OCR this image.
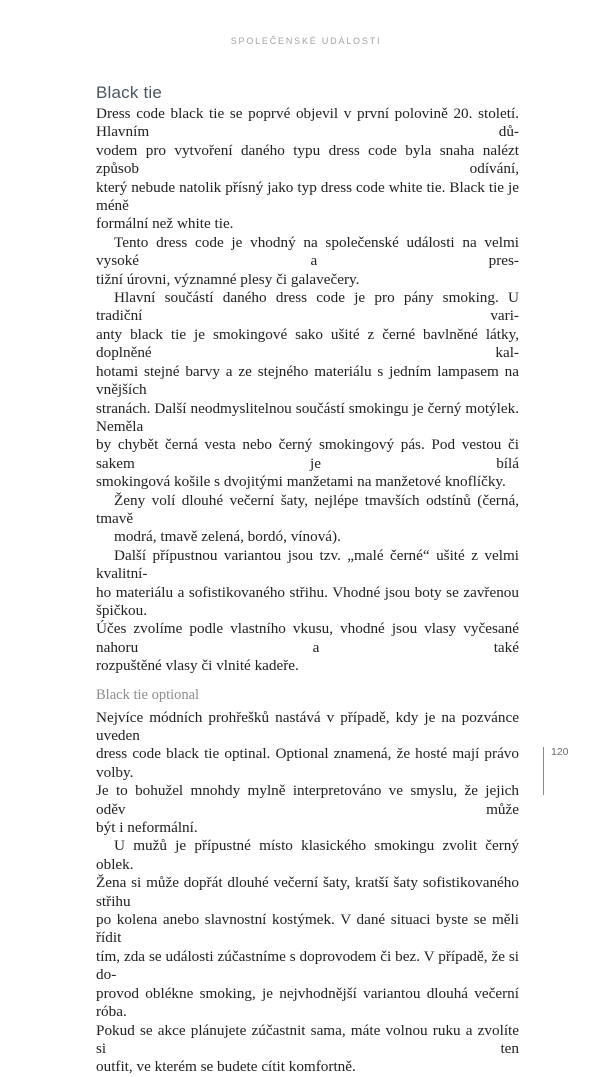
SPOLEČENSKÉ UDÁLOSTI
Black tie
Dress code black tie se poprvé objevil v první polovině 20. století. Hlavním dů-
vodem pro vytvoření daného typu dress code byla snaha nalézt způsob odívání,
který nebude natolik přísný jako typ dress code white tie. Black tie je méně
formální než white tie.
Tento dress code je vhodný na společenské události na velmi vysoké a pres-
tižní úrovni, významné plesy či galavečery.
Hlavní součástí daného dress code je pro pány smoking. U tradiční vari-
anty black tie je smokingové sako ušité z černé bavlněné látky, doplněné kal-
hotami stejné barvy a ze stejného materiálu s jedním lampasem na vnějších
stranách. Další neodmyslitelnou součástí smokingu je černý motýlek. Neměla
by chybět černá vesta nebo černý smokingový pás. Pod vestou či sakem je bílá
smokingová košile s dvojitými manžetami na manžetové knoflíčky.
Ženy volí dlouhé večerní šaty, nejlépe tmavších odstínů (černá, tmavě
modrá, tmavě zelená, bordó, vínová).
Další přípustnou variantou jsou tzv. „malé černé“ ušité z velmi kvalitní-
ho materiálu a sofistikovaného střihu. Vhodné jsou boty se zavřenou špičkou.
Účes zvolíme podle vlastního vkusu, vhodné jsou vlasy vyčesané nahoru a také
rozpuštěné vlasy či vlnité kadeře.
Black tie optional
Nejvíce módních prohřešků nastává v případě, kdy je na pozvánce uveden
dress code black tie optinal. Optional znamená, že hosté mají právo volby.
Je to bohužel mnohdy mylně interpretováno ve smyslu, že jejich oděv může
být i neformální.
U mužů je přípustné místo klasického smokingu zvolit černý oblek.
Žena si může dopřát dlouhé večerní šaty, kratší šaty sofistikovaného střihu
po kolena anebo slavnostní kostýmek. V dané situaci byste se měli řídit
tím, zda se události zúčastníme s doprovodem či bez. V případě, že si do-
provod oblékne smoking, je nejvhodnější variantou dlouhá večerní róba.
Pokud se akce plánujete zúčastnit sama, máte volnou ruku a zvolíte si ten
outfit, ve kterém se budete cítit komfortně.
120
